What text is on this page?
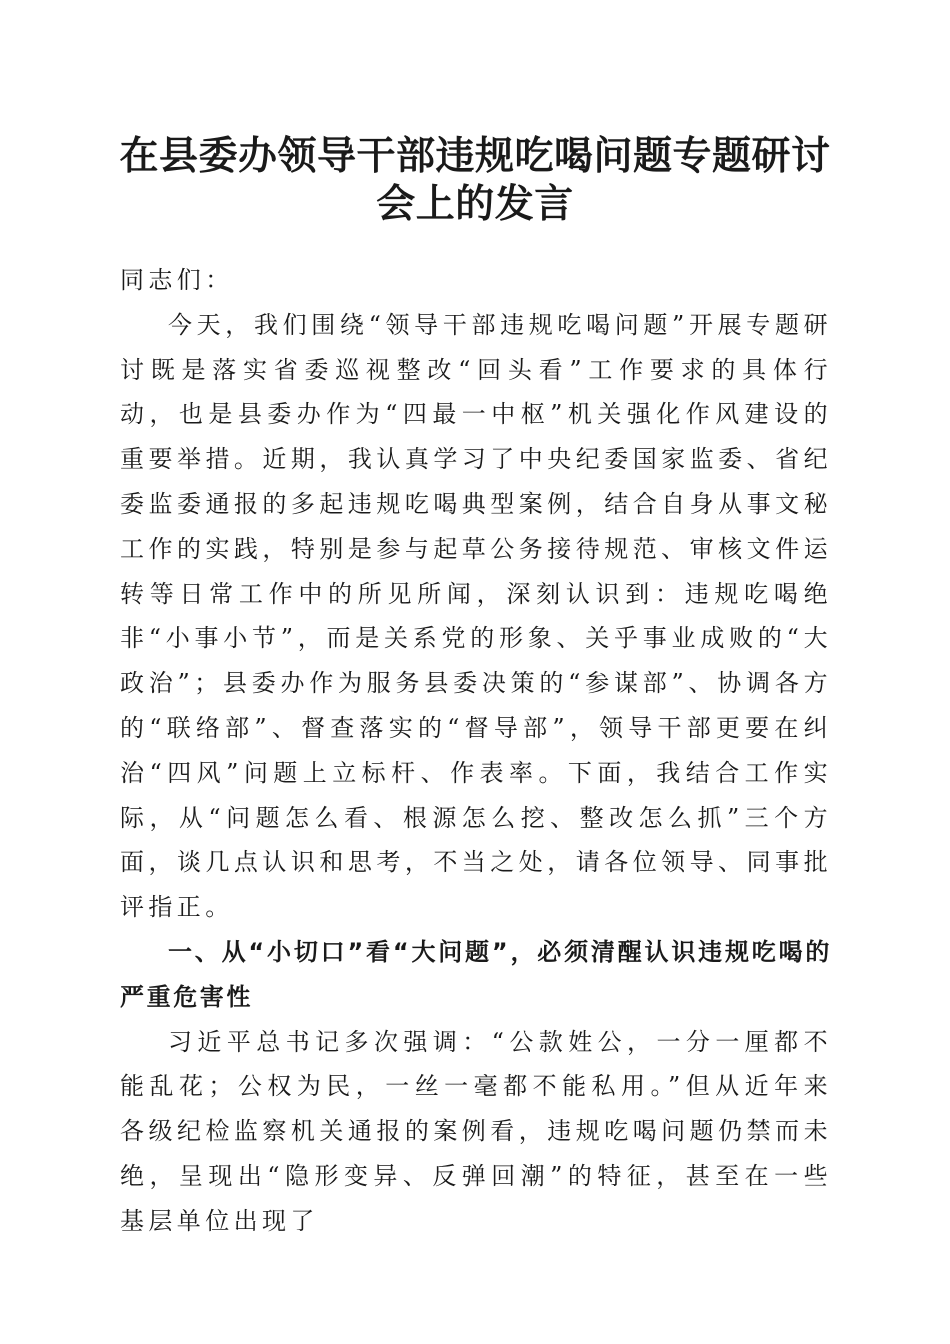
在县委办领导干部违规吃喝问题专题研讨会上的发言

同志们：

今天，我们围绕“领导干部违规吃喝问题”开展专题研讨既是落实省委巡视整改“回头看”工作要求的具体行动，也是县委办作为“四最一中枢”机关强化作风建设的重要举措。近期，我认真学习了中央纪委国家监委、省纪委监委通报的多起违规吃喝典型案例，结合自身从事文秘工作的实践，特别是参与起草公务接待规范、审核文件运转等日常工作中的所见所闻，深刻认识到：违规吃喝绝非“小事小节”，而是关系党的形象、关乎事业成败的“大政治”；县委办作为服务县委决策的“参谋部”、协调各方的“联络部”、督查落实的“督导部”，领导干部更要在纠治“四风”问题上立标杆、作表率。下面，我结合工作实际，从“问题怎么看、根源怎么挖、整改怎么抓”三个方面，谈几点认识和思考，不当之处，请各位领导、同事批评指正。

一、从“小切口”看“大问题”，必须清醒认识违规吃喝的严重危害性

习近平总书记多次强调：“公款姓公，一分一厘都不能乱花；公权为民，一丝一毫都不能私用。”但从近年来各级纪检监察机关通报的案例看，违规吃喝问题仍禁而未绝，呈现出“隐形变异、反弹回潮”的特征，甚至在一些基层单位出现了
